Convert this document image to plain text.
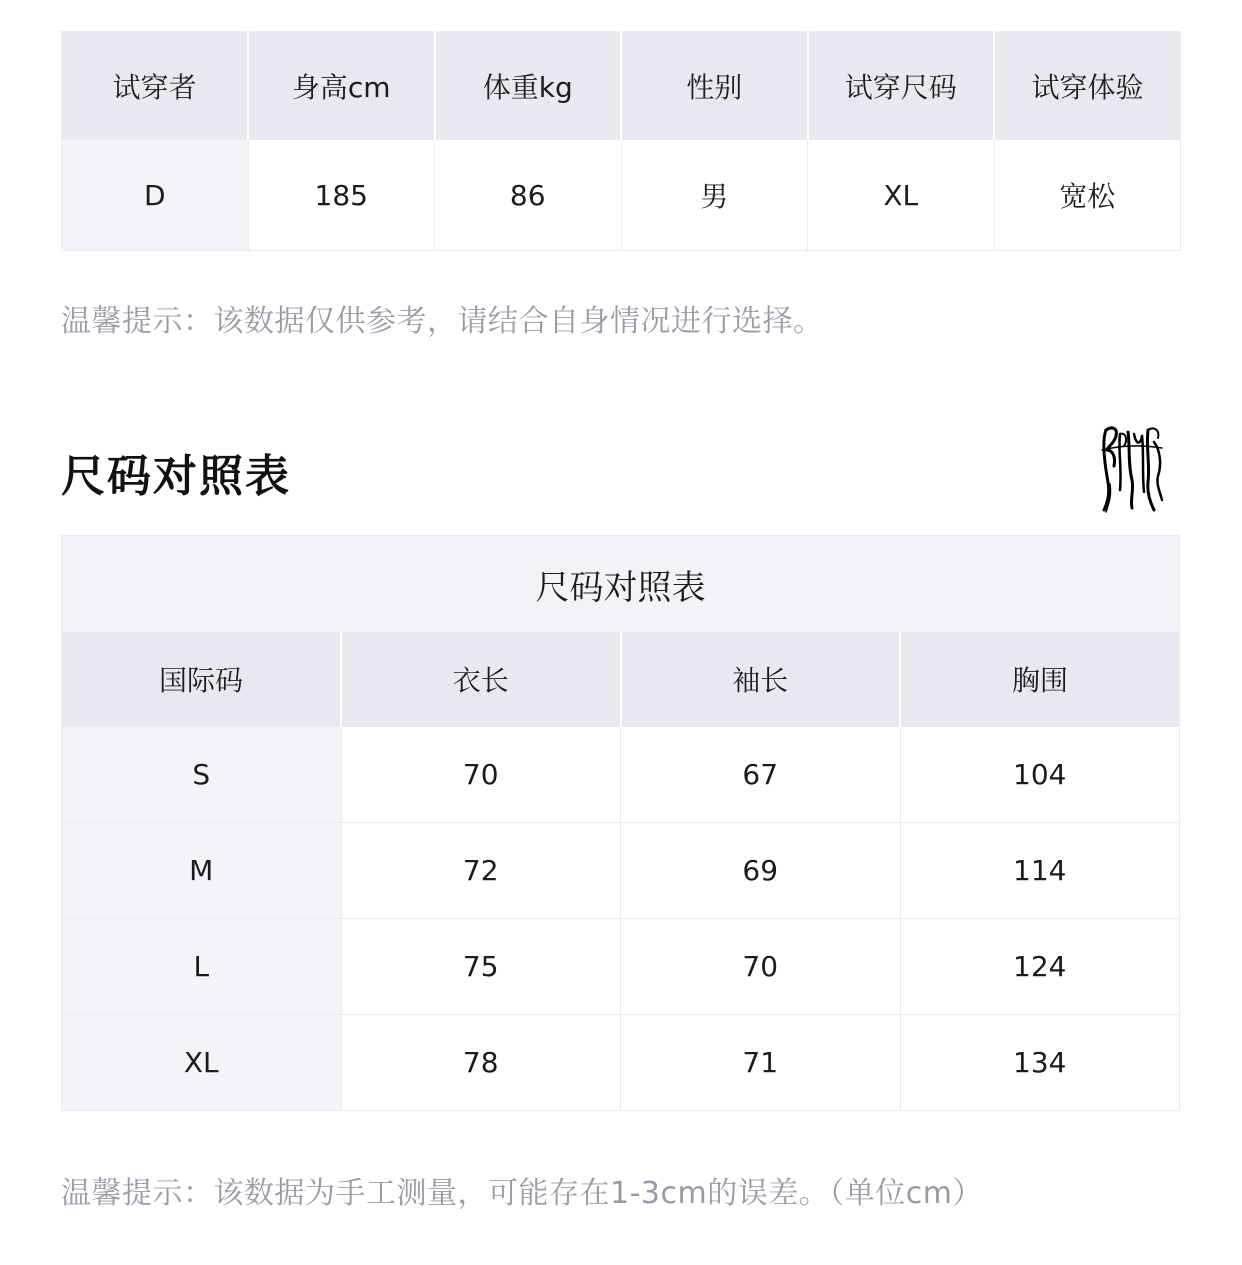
试穿者	身高cm	体重kg	性别	试穿尺码	试穿体验
D	185	86	男	XL	宽松
温馨提示：该数据仅供参考，请结合自身情况进行选择。
尺码对照表
尺码对照表			
国际码	衣长	袖长	胸围
S	70	67	104
M	72	69	114
L	75	70	124
XL	78	71	134
温馨提示：该数据为手工测量，可能存在1-3cm的误差。（单位cm）
